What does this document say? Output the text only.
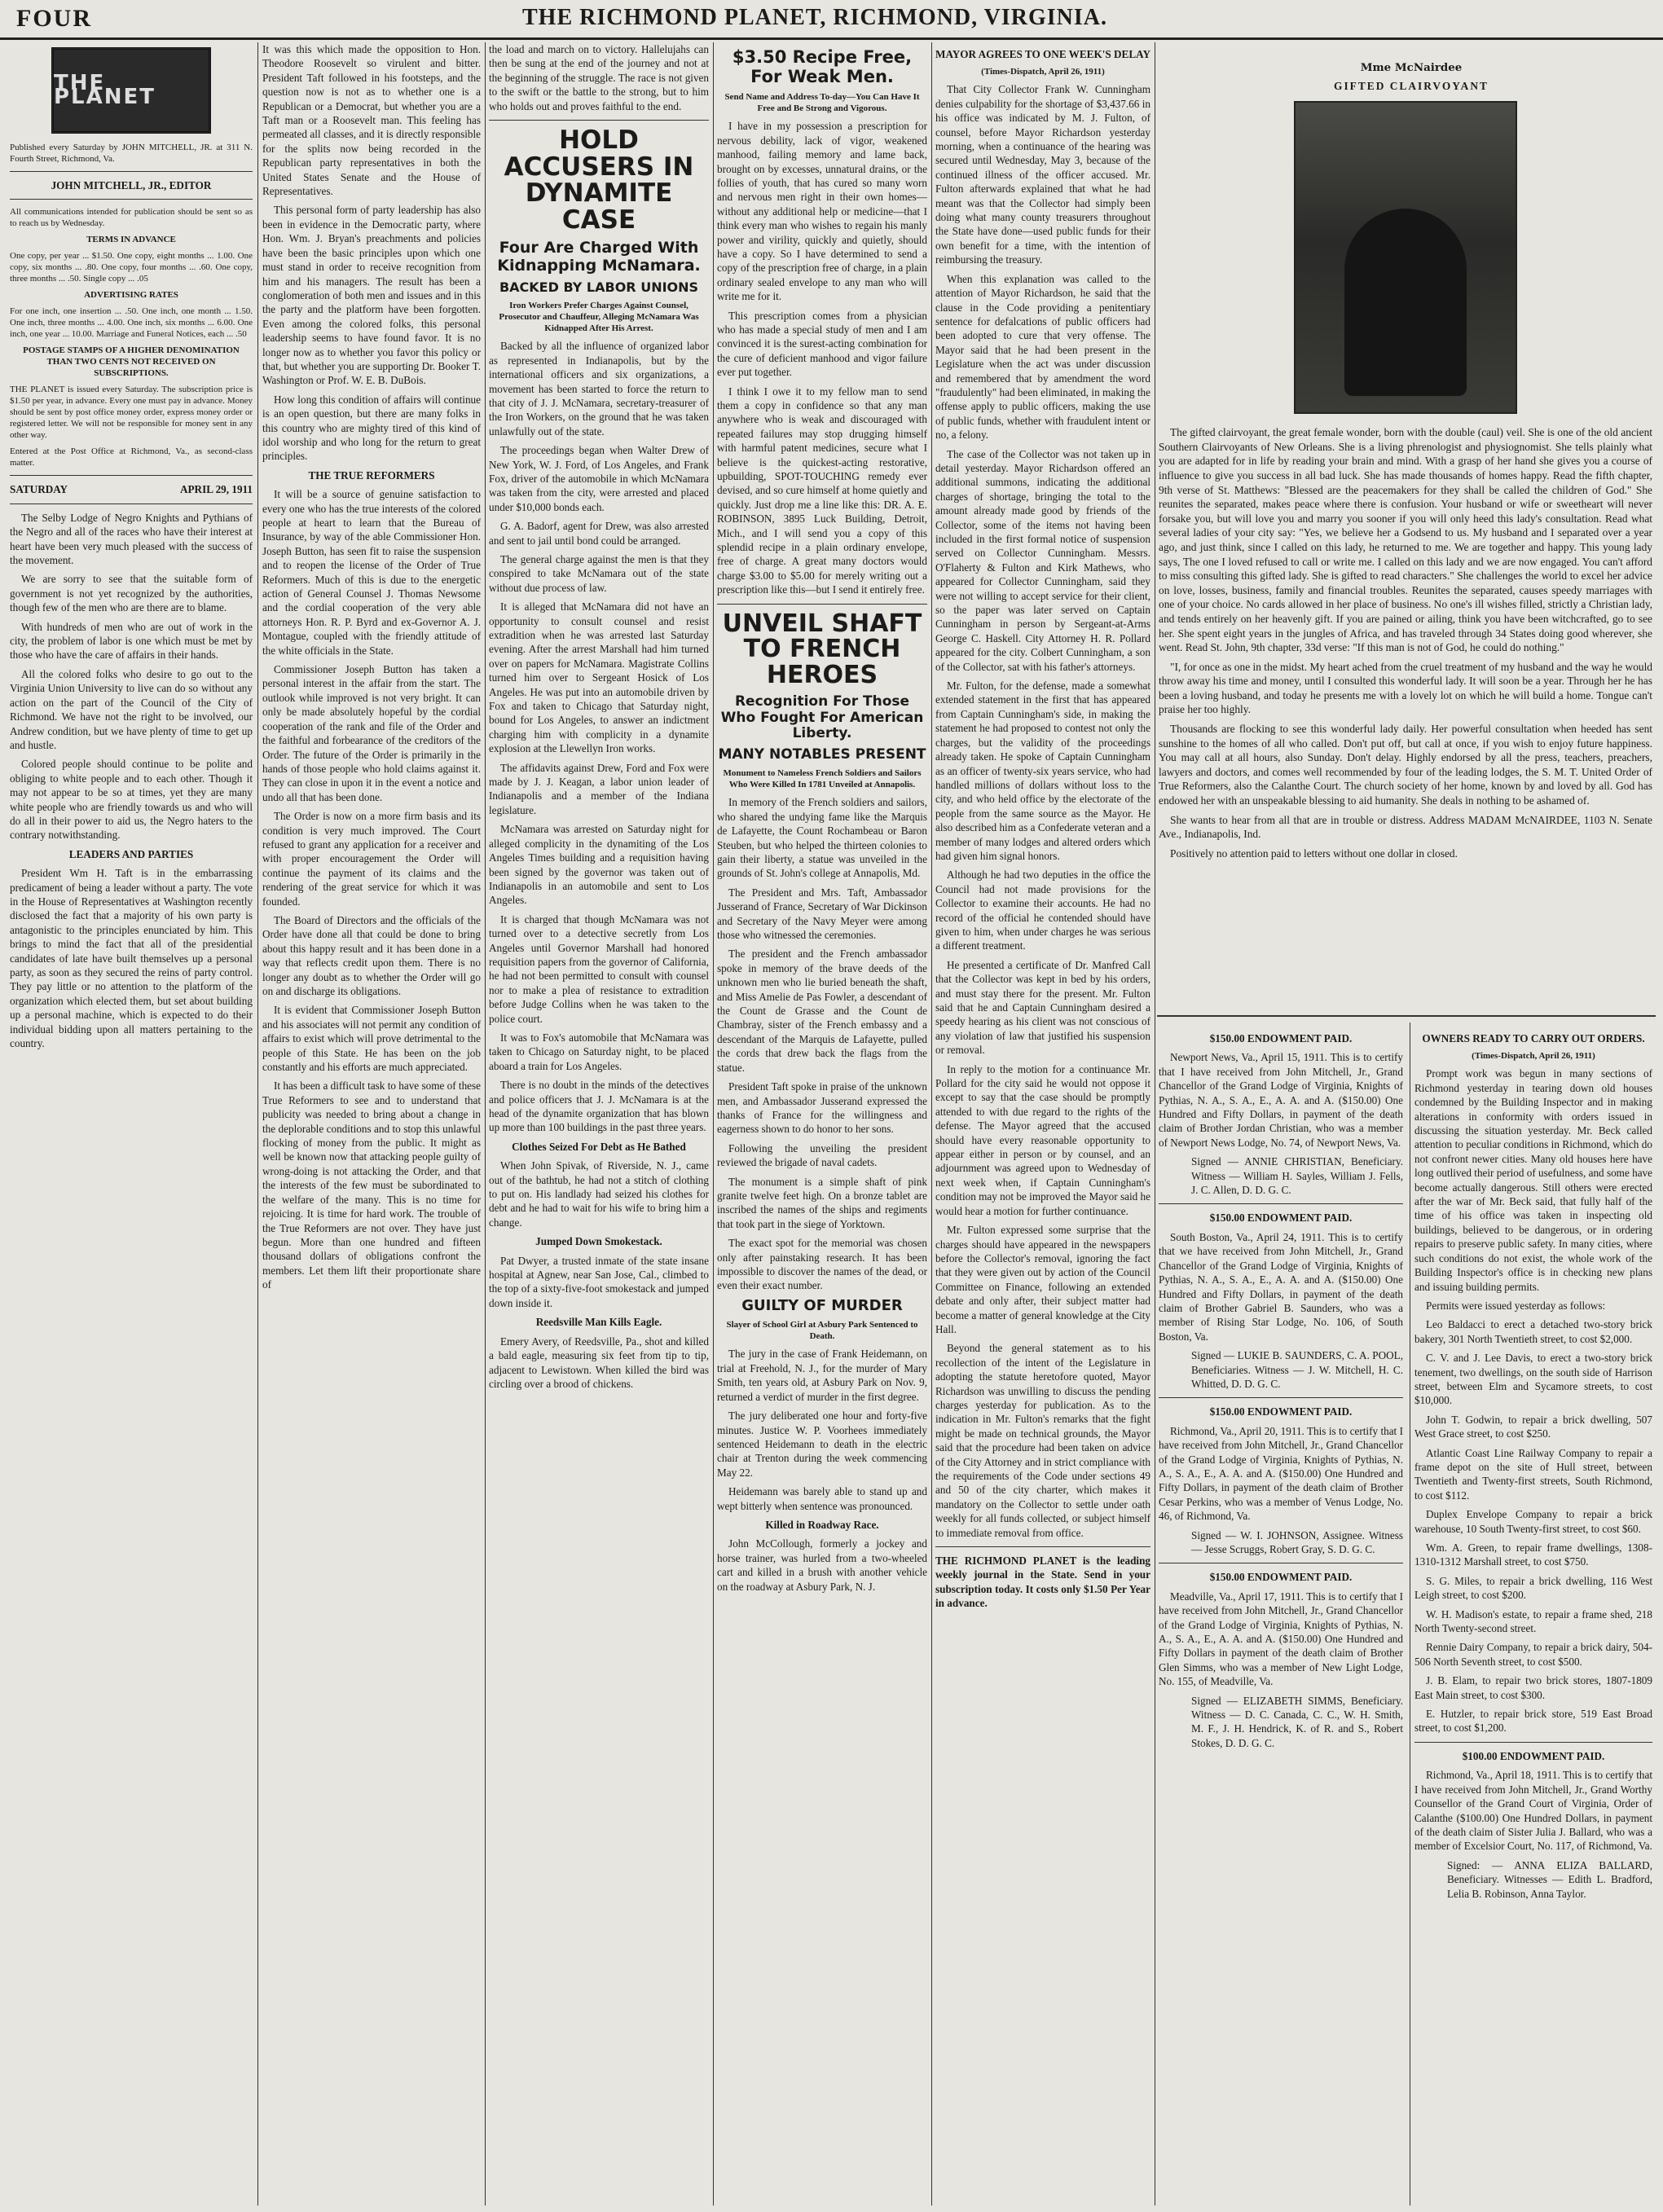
FOUR	THE RICHMOND PLANET, RICHMOND, VIRGINIA.
THE PLANET

Published every Saturday by JOHN MITCHELL, JR. at 311 N. Fourth Street, Richmond, Va.

JOHN MITCHELL, JR., EDITOR

All communications intended for publication should be sent so as to reach us by Wednesday.

TERMS IN ADVANCE

One copy, per year ... $1.50. One copy, eight months ... 1.00. One copy, six months ... .80. One copy, four months ... .60. One copy, three months ... .50. Single copy ... .05

ADVERTISING RATES

For one inch, one insertion ... .50. One inch, one month ... 1.50. One inch, three months ... 4.00. One inch, six months ... 6.00. One inch, one year ... 10.00. Marriage and Funeral Notices, each ... .50

POSTAGE STAMPS OF A HIGHER DENOMINATION THAN TWO CENTS NOT RECEIVED ON SUBSCRIPTIONS.

THE PLANET is issued every Saturday. The subscription price is $1.50 per year, in advance. Every one must pay in advance. Money should be sent by post office money order, express money order or registered letter. We will not be responsible for money sent in any other way.

Entered at the Post Office at Richmond, Va., as second-class matter.

SATURDAY	APRIL 29, 1911

The Selby Lodge of Negro Knights and Pythians of the Negro and all of the races who have their interest at heart have been very much pleased with the success of the movement.

We are sorry to see that the suitable form of government is not yet recognized by the authorities, though few of the men who are there are to blame.

With hundreds of men who are out of work in the city, the problem of labor is one which must be met by those who have the care of affairs in their hands.

All the colored folks who desire to go out to the Virginia Union University to live can do so without any action on the part of the Council of the City of Richmond. We have not the right to be involved, our Andrew condition, but we have plenty of time to get up and hustle.

Colored people should continue to be polite and obliging to white people and to each other. Though it may not appear to be so at times, yet they are many white people who are friendly towards us and who will do all in their power to aid us, the Negro haters to the contrary notwithstanding.

LEADERS AND PARTIES

President Wm H. Taft is in the embarrassing predicament of being a leader without a party. The vote in the House of Representatives at Washington recently disclosed the fact that a majority of his own party is antagonistic to the principles enunciated by him. This brings to mind the fact that all of the presidential candidates of late have built themselves up a personal party, as soon as they secured the reins of party control. They pay little or no attention to the platform of the organization which elected them, but set about building up a personal machine, which is expected to do their individual bidding upon all matters pertaining to the country.

It was this which made the opposition to Hon. Theodore Roosevelt so virulent and bitter. President Taft followed in his footsteps, and the question now is not as to whether one is a Republican or a Democrat, but whether you are a Taft man or a Roosevelt man. This feeling has permeated all classes, and it is directly responsible for the splits now being recorded in the Republican party representatives in both the United States Senate and the House of Representatives.

This personal form of party leadership has also been in evidence in the Democratic party, where Hon. Wm. J. Bryan's preachments and policies have been the basic principles upon which one must stand in order to receive recognition from him and his managers. The result has been a conglomeration of both men and issues and in this the party and the platform have been forgotten. Even among the colored folks, this personal leadership seems to have found favor. It is no longer now as to whether you favor this policy or that, but whether you are supporting Dr. Booker T. Washington or Prof. W. E. B. DuBois.

How long this condition of affairs will continue is an open question, but there are many folks in this country who are mighty tired of this kind of idol worship and who long for the return to great principles.

THE TRUE REFORMERS

It will be a source of genuine satisfaction to every one who has the true interests of the colored people at heart to learn that the Bureau of Insurance, by way of the able Commissioner Hon. Joseph Button, has seen fit to raise the suspension and to reopen the license of the Order of True Reformers. Much of this is due to the energetic action of General Counsel J. Thomas Newsome and the cordial cooperation of the very able attorneys Hon. R. P. Byrd and ex-Governor A. J. Montague, coupled with the friendly attitude of the white officials in the State.

Commissioner Joseph Button has taken a personal interest in the affair from the start. The outlook while improved is not very bright. It can only be made absolutely hopeful by the cordial cooperation of the rank and file of the Order and the faithful and forbearance of the creditors of the Order. The future of the Order is primarily in the hands of those people who hold claims against it. They can close in upon it in the event a notice and undo all that has been done.

The Order is now on a more firm basis and its condition is very much improved. The Court refused to grant any application for a receiver and with proper encouragement the Order will continue the payment of its claims and the rendering of the great service for which it was founded.

The Board of Directors and the officials of the Order have done all that could be done to bring about this happy result and it has been done in a way that reflects credit upon them. There is no longer any doubt as to whether the Order will go on and discharge its obligations.

It is evident that Commissioner Joseph Button and his associates will not permit any condition of affairs to exist which will prove detrimental to the people of this State. He has been on the job constantly and his efforts are much appreciated.

It has been a difficult task to have some of these True Reformers to see and to understand that publicity was needed to bring about a change in the deplorable conditions and to stop this unlawful flocking of money from the public. It might as well be known now that attacking people guilty of wrong-doing is not attacking the Order, and that the interests of the few must be subordinated to the welfare of the many. This is no time for rejoicing. It is time for hard work. The trouble of the True Reformers are not over. They have just begun. More than one hundred and fifteen thousand dollars of obligations confront the members. Let them lift their proportionate share of

the load and march on to victory. Hallelujahs can then be sung at the end of the journey and not at the beginning of the struggle. The race is not given to the swift or the battle to the strong, but to him who holds out and proves faithful to the end.

HOLD ACCUSERS IN DYNAMITE CASE

Four Are Charged With Kidnapping McNamara.

BACKED BY LABOR UNIONS

Iron Workers Prefer Charges Against Counsel, Prosecutor and Chauffeur, Alleging McNamara Was Kidnapped After His Arrest.

Backed by all the influence of organized labor as represented in Indianapolis, but by the international officers and six organizations, a movement has been started to force the return to that city of J. J. McNamara, secretary-treasurer of the Iron Workers, on the ground that he was taken unlawfully out of the state.

The proceedings began when Walter Drew of New York, W. J. Ford, of Los Angeles, and Frank Fox, driver of the automobile in which McNamara was taken from the city, were arrested and placed under $10,000 bonds each.

G. A. Badorf, agent for Drew, was also arrested and sent to jail until bond could be arranged.

The general charge against the men is that they conspired to take McNamara out of the state without due process of law.

It is alleged that McNamara did not have an opportunity to consult counsel and resist extradition when he was arrested last Saturday evening. After the arrest Marshall had him turned over on papers for McNamara. Magistrate Collins turned him over to Sergeant Hosick of Los Angeles. He was put into an automobile driven by Fox and taken to Chicago that Saturday night, bound for Los Angeles, to answer an indictment charging him with complicity in a dynamite explosion at the Llewellyn Iron works.

The affidavits against Drew, Ford and Fox were made by J. J. Keagan, a labor union leader of Indianapolis and a member of the Indiana legislature.

McNamara was arrested on Saturday night for alleged complicity in the dynamiting of the Los Angeles Times building and a requisition having been signed by the governor was taken out of Indianapolis in an automobile and sent to Los Angeles.

It is charged that though McNamara was not turned over to a detective secretly from Los Angeles until Governor Marshall had honored requisition papers from the governor of California, he had not been permitted to consult with counsel nor to make a plea of resistance to extradition before Judge Collins when he was taken to the police court.

It was to Fox's automobile that McNamara was taken to Chicago on Saturday night, to be placed aboard a train for Los Angeles.

There is no doubt in the minds of the detectives and police officers that J. J. McNamara is at the head of the dynamite organization that has blown up more than 100 buildings in the past three years.

Clothes Seized For Debt as He Bathed

When John Spivak, of Riverside, N. J., came out of the bathtub, he had not a stitch of clothing to put on. His landlady had seized his clothes for debt and he had to wait for his wife to bring him a change.

Jumped Down Smokestack.

Pat Dwyer, a trusted inmate of the state insane hospital at Agnew, near San Jose, Cal., climbed to the top of a sixty-five-foot smokestack and jumped down inside it.

Reedsville Man Kills Eagle.

Emery Avery, of Reedsville, Pa., shot and killed a bald eagle, measuring six feet from tip to tip, adjacent to Lewistown. When killed the bird was circling over a brood of chickens.

$3.50 Recipe Free, For Weak Men.

Send Name and Address To-day—You Can Have It Free and Be Strong and Vigorous.

I have in my possession a prescription for nervous debility, lack of vigor, weakened manhood, failing memory and lame back, brought on by excesses, unnatural drains, or the follies of youth, that has cured so many worn and nervous men right in their own homes—without any additional help or medicine—that I think every man who wishes to regain his manly power and virility, quickly and quietly, should have a copy. So I have determined to send a copy of the prescription free of charge, in a plain ordinary sealed envelope to any man who will write me for it.

This prescription comes from a physician who has made a special study of men and I am convinced it is the surest-acting combination for the cure of deficient manhood and vigor failure ever put together.

I think I owe it to my fellow man to send them a copy in confidence so that any man anywhere who is weak and discouraged with repeated failures may stop drugging himself with harmful patent medicines, secure what I believe is the quickest-acting restorative, upbuilding, SPOT-TOUCHING remedy ever devised, and so cure himself at home quietly and quickly. Just drop me a line like this: DR. A. E. ROBINSON, 3895 Luck Building, Detroit, Mich., and I will send you a copy of this splendid recipe in a plain ordinary envelope, free of charge. A great many doctors would charge $3.00 to $5.00 for merely writing out a prescription like this—but I send it entirely free.

UNVEIL SHAFT TO FRENCH HEROES

Recognition For Those Who Fought For American Liberty.

MANY NOTABLES PRESENT

Monument to Nameless French Soldiers and Sailors Who Were Killed In 1781 Unveiled at Annapolis.

In memory of the French soldiers and sailors, who shared the undying fame like the Marquis de Lafayette, the Count Rochambeau or Baron Steuben, but who helped the thirteen colonies to gain their liberty, a statue was unveiled in the grounds of St. John's college at Annapolis, Md.

The President and Mrs. Taft, Ambassador Jusserand of France, Secretary of War Dickinson and Secretary of the Navy Meyer were among those who witnessed the ceremonies.

The president and the French ambassador spoke in memory of the brave deeds of the unknown men who lie buried beneath the shaft, and Miss Amelie de Pas Fowler, a descendant of the Count de Grasse and the Count de Chambray, sister of the French embassy and a descendant of the Marquis de Lafayette, pulled the cords that drew back the flags from the statue.

President Taft spoke in praise of the unknown men, and Ambassador Jusserand expressed the thanks of France for the willingness and eagerness shown to do honor to her sons.

Following the unveiling the president reviewed the brigade of naval cadets.

The monument is a simple shaft of pink granite twelve feet high. On a bronze tablet are inscribed the names of the ships and regiments that took part in the siege of Yorktown.

The exact spot for the memorial was chosen only after painstaking research. It has been impossible to discover the names of the dead, or even their exact number.

GUILTY OF MURDER

Slayer of School Girl at Asbury Park Sentenced to Death.

The jury in the case of Frank Heidemann, on trial at Freehold, N. J., for the murder of Mary Smith, ten years old, at Asbury Park on Nov. 9, returned a verdict of murder in the first degree.

The jury deliberated one hour and forty-five minutes. Justice W. P. Voorhees immediately sentenced Heidemann to death in the electric chair at Trenton during the week commencing May 22.

Heidemann was barely able to stand up and wept bitterly when sentence was pronounced.

Killed in Roadway Race.

John McCollough, formerly a jockey and horse trainer, was hurled from a two-wheeled cart and killed in a brush with another vehicle on the roadway at Asbury Park, N. J.

MAYOR AGREES TO ONE WEEK'S DELAY

(Times-Dispatch, April 26, 1911)

That City Collector Frank W. Cunningham denies culpability for the shortage of $3,437.66 in his office was indicated by M. J. Fulton, of counsel, before Mayor Richardson yesterday morning, when a continuance of the hearing was secured until Wednesday, May 3, because of the continued illness of the officer accused. Mr. Fulton afterwards explained that what he had meant was that the Collector had simply been doing what many county treasurers throughout the State have done—used public funds for their own benefit for a time, with the intention of reimbursing the treasury.

When this explanation was called to the attention of Mayor Richardson, he said that the clause in the Code providing a penitentiary sentence for defalcations of public officers had been adopted to cure that very offense. The Mayor said that he had been present in the Legislature when the act was under discussion and remembered that by amendment the word "fraudulently" had been eliminated, in making the offense apply to public officers, making the use of public funds, whether with fraudulent intent or no, a felony.

The case of the Collector was not taken up in detail yesterday. Mayor Richardson offered an additional summons, indicating the additional charges of shortage, bringing the total to the amount already made good by friends of the Collector, some of the items not having been included in the first formal notice of suspension served on Collector Cunningham. Messrs. O'Flaherty & Fulton and Kirk Mathews, who appeared for Collector Cunningham, said they were not willing to accept service for their client, so the paper was later served on Captain Cunningham in person by Sergeant-at-Arms George C. Haskell. City Attorney H. R. Pollard appeared for the city. Colbert Cunningham, a son of the Collector, sat with his father's attorneys.

Mr. Fulton, for the defense, made a somewhat extended statement in the first that has appeared from Captain Cunningham's side, in making the statement he had proposed to contest not only the charges, but the validity of the proceedings already taken. He spoke of Captain Cunningham as an officer of twenty-six years service, who had handled millions of dollars without loss to the city, and who held office by the electorate of the people from the same source as the Mayor. He also described him as a Confederate veteran and a member of many lodges and altered orders which had given him signal honors.

Although he had two deputies in the office the Council had not made provisions for the Collector to examine their accounts. He had no record of the official he contended should have given to him, when under charges he was serious a different treatment.

He presented a certificate of Dr. Manfred Call that the Collector was kept in bed by his orders, and must stay there for the present. Mr. Fulton said that he and Captain Cunningham desired a speedy hearing as his client was not conscious of any violation of law that justified his suspension or removal.

In reply to the motion for a continuance Mr. Pollard for the city said he would not oppose it except to say that the case should be promptly attended to with due regard to the rights of the defense. The Mayor agreed that the accused should have every reasonable opportunity to appear either in person or by counsel, and an adjournment was agreed upon to Wednesday of next week when, if Captain Cunningham's condition may not be improved the Mayor said he would hear a motion for further continuance.

Mr. Fulton expressed some surprise that the charges should have appeared in the newspapers before the Collector's removal, ignoring the fact that they were given out by action of the Council Committee on Finance, following an extended debate and only after, their subject matter had become a matter of general knowledge at the City Hall.

Beyond the general statement as to his recollection of the intent of the Legislature in adopting the statute heretofore quoted, Mayor Richardson was unwilling to discuss the pending charges yesterday for publication. As to the indication in Mr. Fulton's remarks that the fight might be made on technical grounds, the Mayor said that the procedure had been taken on advice of the City Attorney and in strict compliance with the requirements of the Code under sections 49 and 50 of the city charter, which makes it mandatory on the Collector to settle under oath weekly for all funds collected, or subject himself to immediate removal from office.

THE RICHMOND PLANET is the leading weekly journal in the State. Send in your subscription today. It costs only $1.50 Per Year in advance.

Mme McNairdee

GIFTED CLAIRVOYANT

The gifted clairvoyant, the great female wonder, born with the double (caul) veil. She is one of the old ancient Southern Clairvoyants of New Orleans. She is a living phrenologist and physiognomist. She tells plainly what you are adapted for in life by reading your brain and mind. With a grasp of her hand she gives you a course of influence to give you success in all bad luck. She has made thousands of homes happy. Read the fifth chapter, 9th verse of St. Matthews: "Blessed are the peacemakers for they shall be called the children of God." She reunites the separated, makes peace where there is confusion. Your husband or wife or sweetheart will never forsake you, but will love you and marry you sooner if you will only heed this lady's consultation. Read what several ladies of your city say: "Yes, we believe her a Godsend to us. My husband and I separated over a year ago, and just think, since I called on this lady, he returned to me. We are together and happy. This young lady says, The one I loved refused to call or write me. I called on this lady and we are now engaged. You can't afford to miss consulting this gifted lady. She is gifted to read characters." She challenges the world to excel her advice on love, losses, business, family and financial troubles. Reunites the separated, causes speedy marriages with one of your choice. No cards allowed in her place of business. No one's ill wishes filled, strictly a Christian lady, and tends entirely on her heavenly gift. If you are pained or ailing, think you have been witchcrafted, go to see her. She spent eight years in the jungles of Africa, and has traveled through 34 States doing good wherever, she went. Read St. John, 9th chapter, 33d verse: "If this man is not of God, he could do nothing."

"I, for once as one in the midst. My heart ached from the cruel treatment of my husband and the way he would throw away his time and money, until I consulted this wonderful lady. It will soon be a year. Through her he has been a loving husband, and today he presents me with a lovely lot on which he will build a home. Tongue can't praise her too highly.

Thousands are flocking to see this wonderful lady daily. Her powerful consultation when heeded has sent sunshine to the homes of all who called. Don't put off, but call at once, if you wish to enjoy future happiness. You may call at all hours, also Sunday. Don't delay. Highly endorsed by all the press, teachers, preachers, lawyers and doctors, and comes well recommended by four of the leading lodges, the S. M. T. United Order of True Reformers, also the Calanthe Court. The church society of her home, known by and loved by all. God has endowed her with an unspeakable blessing to aid humanity. She deals in nothing to be ashamed of.

She wants to hear from all that are in trouble or distress. Address MADAM McNAIRDEE, 1103 N. Senate Ave., Indianapolis, Ind.

Positively no attention paid to letters without one dollar in closed.

$150.00 ENDOWMENT PAID.

Newport News, Va., April 15, 1911. This is to certify that I have received from John Mitchell, Jr., Grand Chancellor of the Grand Lodge of Virginia, Knights of Pythias, N. A., S. A., E., A. A. and A. ($150.00) One Hundred and Fifty Dollars, in payment of the death claim of Brother Jordan Christian, who was a member of Newport News Lodge, No. 74, of Newport News, Va.

Signed — ANNIE CHRISTIAN, Beneficiary. Witness — William H. Sayles, William J. Fells, J. C. Allen, D. D. G. C.

$150.00 ENDOWMENT PAID.

South Boston, Va., April 24, 1911. This is to certify that we have received from John Mitchell, Jr., Grand Chancellor of the Grand Lodge of Virginia, Knights of Pythias, N. A., S. A., E., A. A. and A. ($150.00) One Hundred and Fifty Dollars, in payment of the death claim of Brother Gabriel B. Saunders, who was a member of Rising Star Lodge, No. 106, of South Boston, Va.

Signed — LUKIE B. SAUNDERS, C. A. POOL, Beneficiaries. Witness — J. W. Mitchell, H. C. Whitted, D. D. G. C.

$150.00 ENDOWMENT PAID.

Richmond, Va., April 20, 1911. This is to certify that I have received from John Mitchell, Jr., Grand Chancellor of the Grand Lodge of Virginia, Knights of Pythias, N. A., S. A., E., A. A. and A. ($150.00) One Hundred and Fifty Dollars, in payment of the death claim of Brother Cesar Perkins, who was a member of Venus Lodge, No. 46, of Richmond, Va.

Signed — W. I. JOHNSON, Assignee. Witness — Jesse Scruggs, Robert Gray, S. D. G. C.

$150.00 ENDOWMENT PAID.

Meadville, Va., April 17, 1911. This is to certify that I have received from John Mitchell, Jr., Grand Chancellor of the Grand Lodge of Virginia, Knights of Pythias, N. A., S. A., E., A. A. and A. ($150.00) One Hundred and Fifty Dollars in payment of the death claim of Brother Glen Simms, who was a member of New Light Lodge, No. 155, of Meadville, Va.

Signed — ELIZABETH SIMMS, Beneficiary. Witness — D. C. Canada, C. C., W. H. Smith, M. F., J. H. Hendrick, K. of R. and S., Robert Stokes, D. D. G. C.

OWNERS READY TO CARRY OUT ORDERS.

(Times-Dispatch, April 26, 1911)

Prompt work was begun in many sections of Richmond yesterday in tearing down old houses condemned by the Building Inspector and in making alterations in conformity with orders issued in discussing the situation yesterday. Mr. Beck called attention to peculiar conditions in Richmond, which do not confront newer cities. Many old houses here have long outlived their period of usefulness, and some have become actually dangerous. Still others were erected after the war of Mr. Beck said, that fully half of the time of his office was taken in inspecting old buildings, believed to be dangerous, or in ordering repairs to preserve public safety. In many cities, where such conditions do not exist, the whole work of the Building Inspector's office is in checking new plans and issuing building permits.

Permits were issued yesterday as follows:

Leo Baldacci to erect a detached two-story brick bakery, 301 North Twentieth street, to cost $2,000.

C. V. and J. Lee Davis, to erect a two-story brick tenement, two dwellings, on the south side of Harrison street, between Elm and Sycamore streets, to cost $10,000.

John T. Godwin, to repair a brick dwelling, 507 West Grace street, to cost $250.

Atlantic Coast Line Railway Company to repair a frame depot on the site of Hull street, between Twentieth and Twenty-first streets, South Richmond, to cost $112.

Duplex Envelope Company to repair a brick warehouse, 10 South Twenty-first street, to cost $60.

Wm. A. Green, to repair frame dwellings, 1308-1310-1312 Marshall street, to cost $750.

S. G. Miles, to repair a brick dwelling, 116 West Leigh street, to cost $200.

W. H. Madison's estate, to repair a frame shed, 218 North Twenty-second street.

Rennie Dairy Company, to repair a brick dairy, 504-506 North Seventh street, to cost $500.

J. B. Elam, to repair two brick stores, 1807-1809 East Main street, to cost $300.

E. Hutzler, to repair brick store, 519 East Broad street, to cost $1,200.

$100.00 ENDOWMENT PAID.

Richmond, Va., April 18, 1911. This is to certify that I have received from John Mitchell, Jr., Grand Worthy Counsellor of the Grand Court of Virginia, Order of Calanthe ($100.00) One Hundred Dollars, in payment of the death claim of Sister Julia J. Ballard, who was a member of Excelsior Court, No. 117, of Richmond, Va.

Signed: — ANNA ELIZA BALLARD, Beneficiary. Witnesses — Edith L. Bradford, Lelia B. Robinson, Anna Taylor.
